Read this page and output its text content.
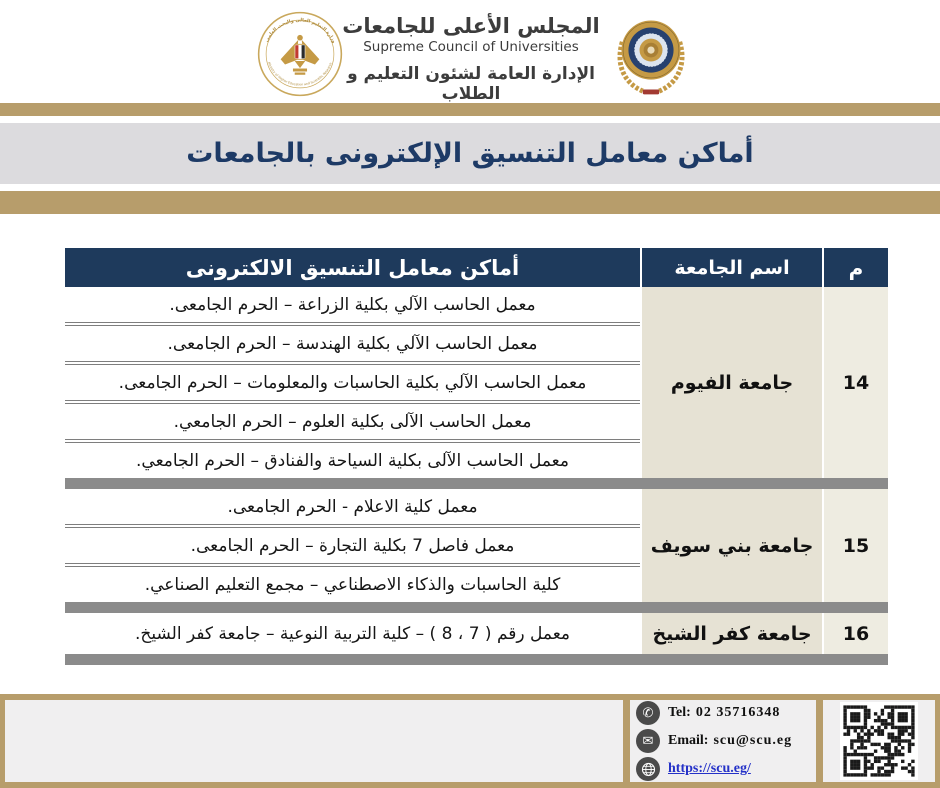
وزارة التعليم العالى والبحث العلمى
Ministry of Higher Education and Scientific Research
المجلس الأعلى للجامعات
Supreme Council of Universities
الإدارة العامة لشئون التعليم و الطلاب
أماكن معامل التنسيق الإلكترونى بالجامعات
م
اسم الجامعة
أماكن معامل التنسيق الالكترونى
14
جامعة الفيوم
معمل الحاسب الآلي بكلية الزراعة – الحرم الجامعى.
معمل الحاسب الآلي بكلية الهندسة – الحرم الجامعى.
معمل الحاسب الآلي بكلية الحاسبات والمعلومات – الحرم الجامعى.
معمل الحاسب الآلى بكلية العلوم – الحرم الجامعي.
معمل الحاسب الآلى بكلية السياحة والفنادق – الحرم الجامعي.
15
جامعة بني سويف
معمل كلية الاعلام - الحرم الجامعى.
معمل فاصل 7 بكلية التجارة – الحرم الجامعى.
كلية الحاسبات والذكاء الاصطناعي – مجمع التعليم الصناعي.
16
جامعة كفر الشيخ
معمل رقم ( 7 ، 8 ) – كلية التربية النوعية – جامعة كفر الشيخ.
✆	Tel: 02 35716348
✉	Email: scu@scu.eg
https://scu.eg/
